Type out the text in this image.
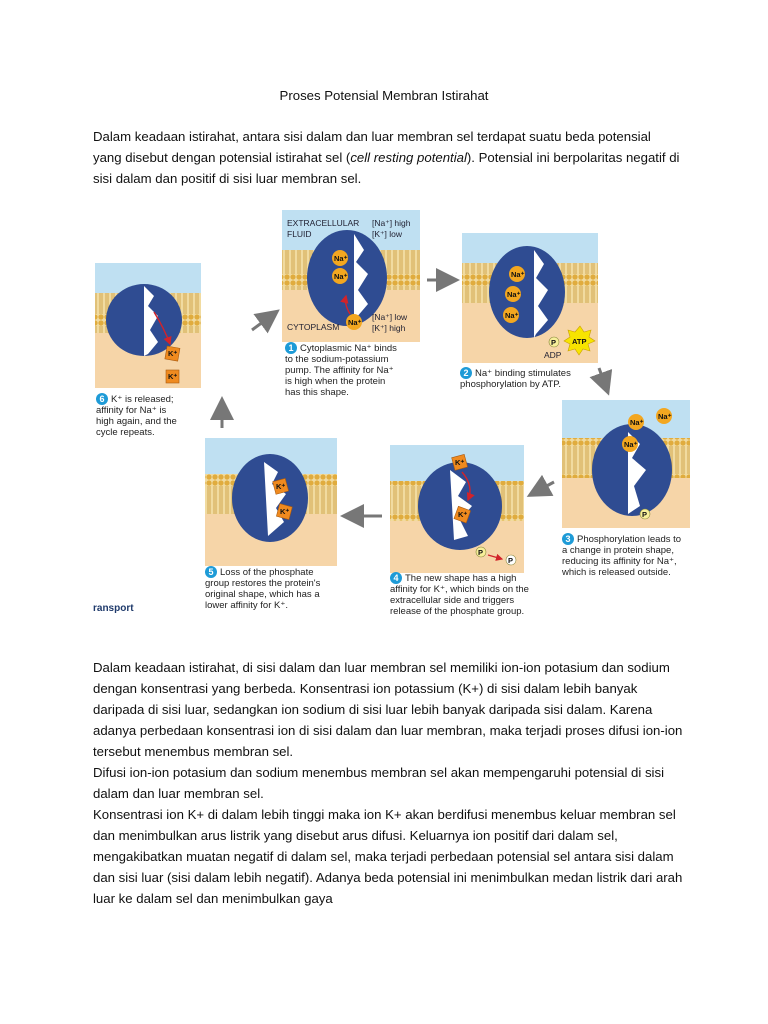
Proses Potensial Membran Istirahat

Dalam keadaan istirahat, antara sisi dalam dan luar membran sel terdapat suatu beda potensial yang disebut dengan potensial istirahat sel (cell resting potential). Potensial ini berpolaritas negatif di sisi dalam dan positif di sisi luar membran sel.

K⁺
K⁺
EXTRACELLULAR
FLUID
[Na⁺] high
[K⁺] low
Na⁺
Na⁺
Na⁺
CYTOPLASM
[Na⁺] low
[K⁺] high
Na⁺
Na⁺
Na⁺
ATP
P
ADP
Na⁺
Na⁺
Na⁺
P
K⁺
K⁺
P
P
K⁺
K⁺
1 Cytoplasmic Na⁺ binds
to the sodium-potassium
pump. The affinity for Na⁺
is high when the protein
has this shape.
2 Na⁺ binding stimulates
phosphorylation by ATP.
3 Phosphorylation leads to
a change in protein shape,
reducing its affinity for Na⁺,
which is released outside.
4 The new shape has a high
affinity for K⁺, which binds on the
extracellular side and triggers
release of the phosphate group.
5 Loss of the phosphate
group restores the protein's
original shape, which has a
lower affinity for K⁺.
6 K⁺ is released;
affinity for Na⁺ is
high again, and the
cycle repeats.
ransport
Dalam keadaan istirahat, di sisi dalam dan luar membran sel memiliki ion-ion potasium dan sodium dengan konsentrasi yang berbeda. Konsentrasi ion potassium (K+) di sisi dalam lebih banyak daripada di sisi luar, sedangkan ion sodium di sisi luar lebih banyak daripada sisi dalam. Karena adanya perbedaan konsentrasi ion di sisi dalam dan luar membran, maka terjadi proses difusi ion-ion tersebut menembus membran sel.
Difusi ion-ion potasium dan sodium menembus membran sel akan mempengaruhi potensial di sisi dalam dan luar membran sel.
Konsentrasi ion K+ di dalam lebih tinggi maka ion K+ akan berdifusi menembus keluar membran sel dan menimbulkan arus listrik yang disebut arus difusi. Keluarnya ion positif dari dalam sel, mengakibatkan muatan negatif di dalam sel, maka terjadi perbedaan potensial sel antara sisi dalam dan sisi luar (sisi dalam lebih negatif). Adanya beda potensial ini menimbulkan medan listrik dari arah luar ke dalam sel dan menimbulkan gaya
